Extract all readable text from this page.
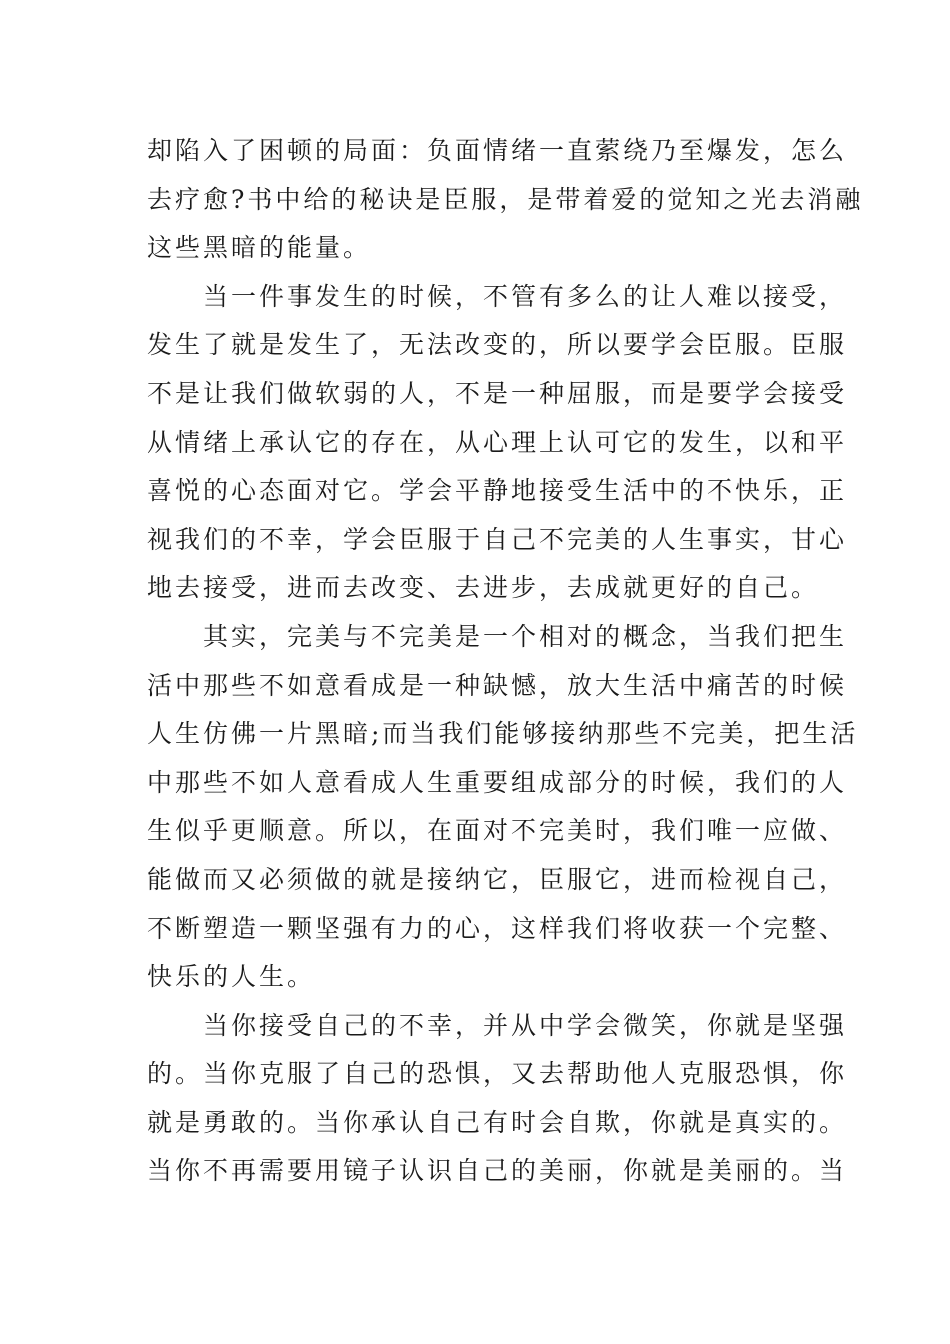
却陷入了困顿的局面：负面情绪一直萦绕乃至爆发，怎么
去疗愈?书中给的秘诀是臣服，是带着爱的觉知之光去消融
这些黑暗的能量。

当一件事发生的时候，不管有多么的让人难以接受，
发生了就是发生了，无法改变的，所以要学会臣服。臣服
不是让我们做软弱的人，不是一种屈服，而是要学会接受
从情绪上承认它的存在，从心理上认可它的发生，以和平
喜悦的心态面对它。学会平静地接受生活中的不快乐，正
视我们的不幸，学会臣服于自己不完美的人生事实，甘心
地去接受，进而去改变、去进步，去成就更好的自己。

其实，完美与不完美是一个相对的概念，当我们把生
活中那些不如意看成是一种缺憾，放大生活中痛苦的时候
人生仿佛一片黑暗;而当我们能够接纳那些不完美，把生活
中那些不如人意看成人生重要组成部分的时候，我们的人
生似乎更顺意。所以，在面对不完美时，我们唯一应做、
能做而又必须做的就是接纳它，臣服它，进而检视自己，
不断塑造一颗坚强有力的心，这样我们将收获一个完整、
快乐的人生。

当你接受自己的不幸，并从中学会微笑，你就是坚强
的。当你克服了自己的恐惧，又去帮助他人克服恐惧，你
就是勇敢的。当你承认自己有时会自欺，你就是真实的。
当你不再需要用镜子认识自己的美丽，你就是美丽的。当
